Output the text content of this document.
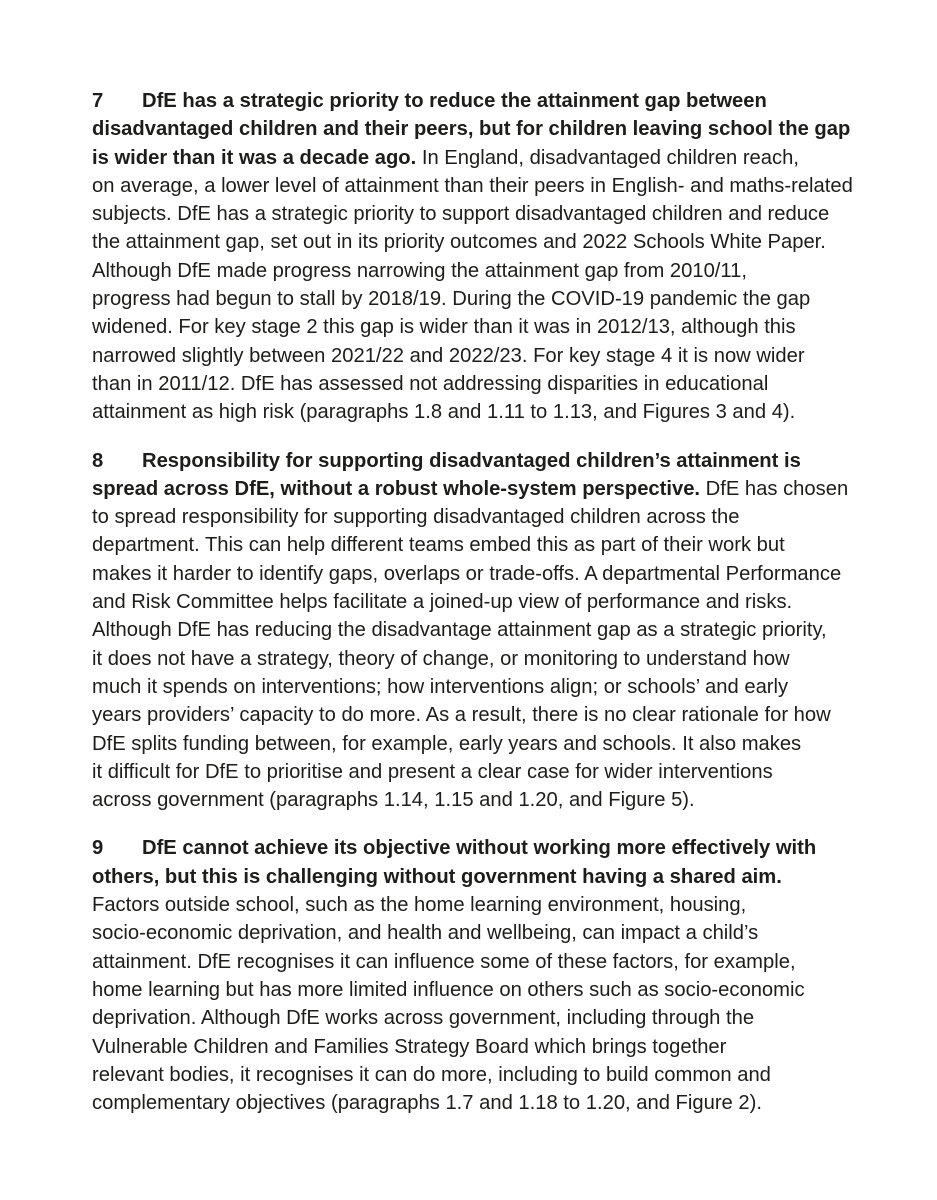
7 DfE has a strategic priority to reduce the attainment gap between
disadvantaged children and their peers, but for children leaving school the gap
is wider than it was a decade ago. In England, disadvantaged children reach,
on average, a lower level of attainment than their peers in English- and maths-related
subjects. DfE has a strategic priority to support disadvantaged children and reduce
the attainment gap, set out in its priority outcomes and 2022 Schools White Paper.
Although DfE made progress narrowing the attainment gap from 2010/11,
progress had begun to stall by 2018/19. During the COVID-19 pandemic the gap
widened. For key stage 2 this gap is wider than it was in 2012/13, although this
narrowed slightly between 2021/22 and 2022/23. For key stage 4 it is now wider
than in 2011/12. DfE has assessed not addressing disparities in educational
attainment as high risk (paragraphs 1.8 and 1.11 to 1.13, and Figures 3 and 4).
8 Responsibility for supporting disadvantaged children’s attainment is
spread across DfE, without a robust whole-system perspective. DfE has chosen
to spread responsibility for supporting disadvantaged children across the
department. This can help different teams embed this as part of their work but
makes it harder to identify gaps, overlaps or trade-offs. A departmental Performance
and Risk Committee helps facilitate a joined-up view of performance and risks.
Although DfE has reducing the disadvantage attainment gap as a strategic priority,
it does not have a strategy, theory of change, or monitoring to understand how
much it spends on interventions; how interventions align; or schools’ and early
years providers’ capacity to do more. As a result, there is no clear rationale for how
DfE splits funding between, for example, early years and schools. It also makes
it difficult for DfE to prioritise and present a clear case for wider interventions
across government (paragraphs 1.14, 1.15 and 1.20, and Figure 5).
9 DfE cannot achieve its objective without working more effectively with
others, but this is challenging without government having a shared aim.
Factors outside school, such as the home learning environment, housing,
socio-economic deprivation, and health and wellbeing, can impact a child’s
attainment. DfE recognises it can influence some of these factors, for example,
home learning but has more limited influence on others such as socio-economic
deprivation. Although DfE works across government, including through the
Vulnerable Children and Families Strategy Board which brings together
relevant bodies, it recognises it can do more, including to build common and
complementary objectives (paragraphs 1.7 and 1.18 to 1.20, and Figure 2).
